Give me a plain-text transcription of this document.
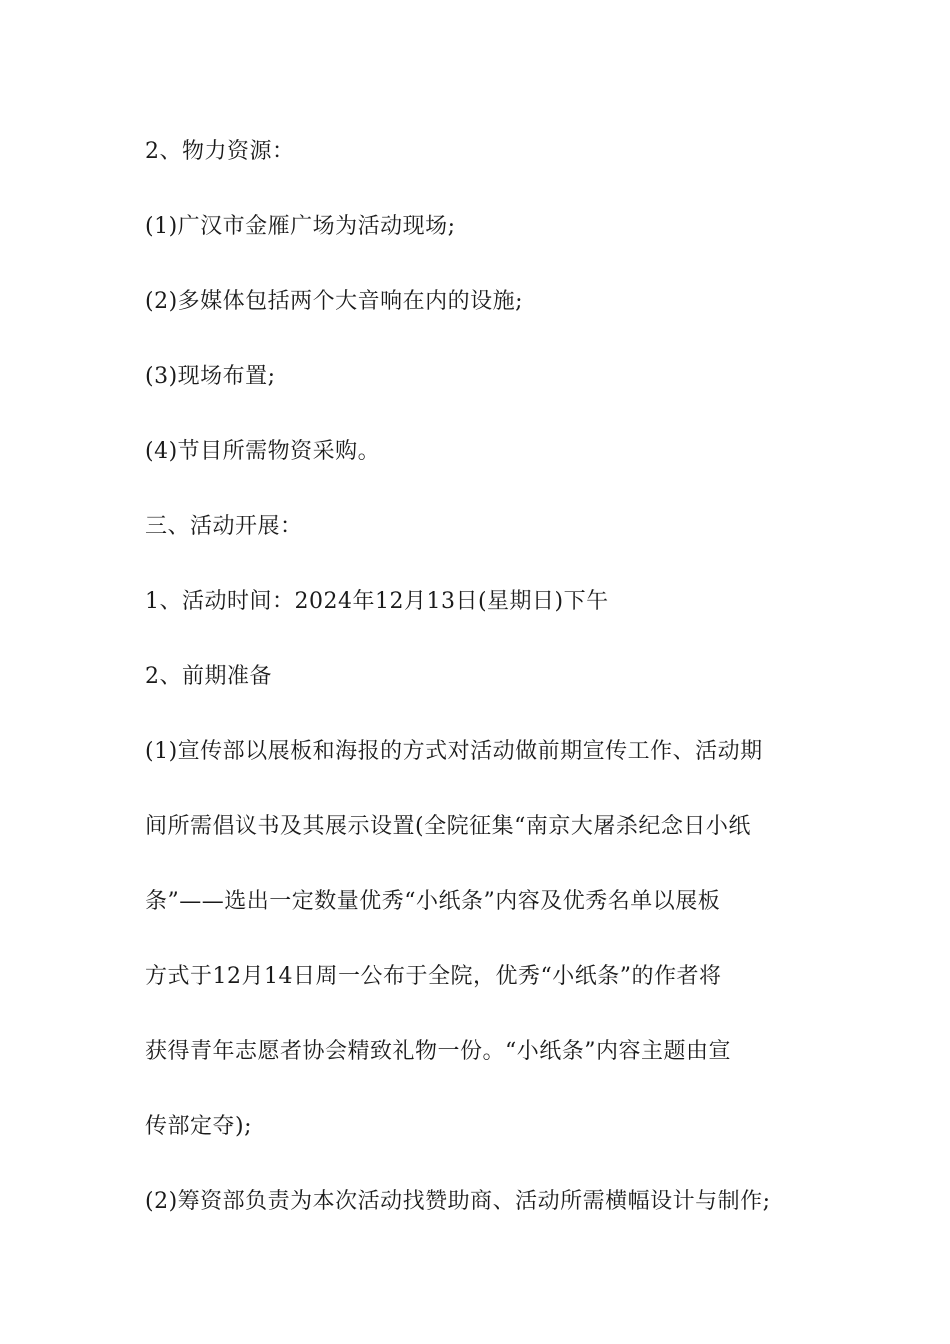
2、物力资源：

(1)广汉市金雁广场为活动现场;

(2)多媒体包括两个大音响在内的设施;

(3)现场布置;

(4)节目所需物资采购。

三、活动开展：

1、活动时间：2024年12月13日(星期日)下午

2、前期准备

(1)宣传部以展板和海报的方式对活动做前期宣传工作、活动期

间所需倡议书及其展示设置(全院征集“南京大屠杀纪念日小纸

条”——选出一定数量优秀“小纸条”内容及优秀名单以展板

方式于12月14日周一公布于全院，优秀“小纸条”的作者将

获得青年志愿者协会精致礼物一份。“小纸条”内容主题由宣

传部定夺);

(2)筹资部负责为本次活动找赞助商、活动所需横幅设计与制作;
